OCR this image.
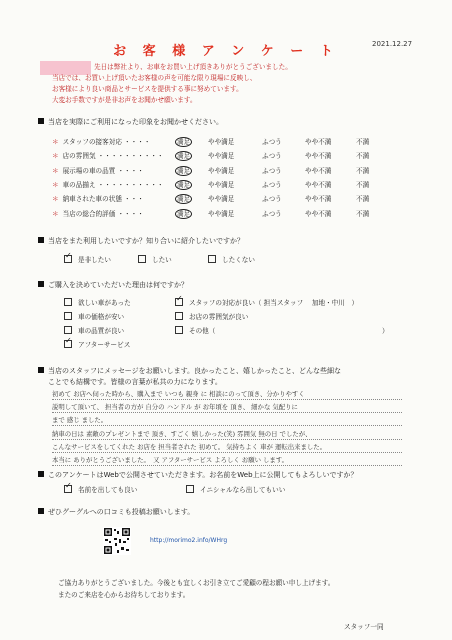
お 客 様 ア ン ケ ー ト	2021.12.27
先日は弊社より、お車をお買い上げ頂きありがとうございました。
当店では、お買い上げ頂いたお客様の声を可能な限り現場に反映し、
お客様により良い商品とサービスを提供する事に努めています。
大変お手数ですが是非お声をお聞かせ願います。
当店を実際にご利用になった印象をお聞かせください。
＊ スタッフの接客対応 ・・・・	満足	やや満足	ふつう	やや不満	不満
＊ 店の雰囲気 ・・・・・・・・・・	満足	やや満足	ふつう	やや不満	不満
＊ 展示場の車の品質 ・・・・	満足	やや満足	ふつう	やや不満	不満
＊ 車の品揃え ・・・・・・・・・・	満足	やや満足	ふつう	やや不満	不満
＊ 納車された車の状態 ・・・	満足	やや満足	ふつう	やや不満	不満
＊ 当店の総合的評価 ・・・・	満足	やや満足	ふつう	やや不満	不満
当店をまた利用したいですか？知り合いに紹介したいですか？
✓是非したい	したい	したくない
ご購入を決めていただいた理由は何ですか？
欲しい車があった
✓	スタッフの対応が良い（ 担当スタッフ　 加地・中川　）
車の価格が安い	お店の雰囲気が良い
車の品質が良い	その他（	）
✓アフターサービス
当店のスタッフにメッセージをお願いします。良かったこと、嬉しかったこと、どんな些細な
ことでも結構です。皆様の言葉が私共の力になります。
初めて お店へ伺った時から、購入まで いつも 親身 に 相談にのって頂き、分かりやすく
説明して頂いて、 担当者の方が 自分の ハンドル が お年頃を 頂き、 細かな 気配りに
まで 感じ ました。
納車の日は 素敵のプレゼントまで 頂き、すごく 嬉しかった(笑) 雰囲気 無の日 でしたが、
こんなサービスをしてくれた お店を 担当者された 初めて。 気持ちよく 車が 運転出来ました。
本当に ありがとうございました。　又 アフターサービス よろしく お願い します。
このアンケートはWebで公開させていただきます。お名前をWeb上に公開してもよろしいですか？
✓名前を出しても良い	イニシャルなら出してもいい
ぜひグーグルへの口コミも投稿お願いします。
http://morimo2.info/WHrg
ご協力ありがとうございました。今後とも宜しくお引き立てご愛顧の程お願い申し上げます。
またのご来店を心からお待ちしております。
スタッフ一同
